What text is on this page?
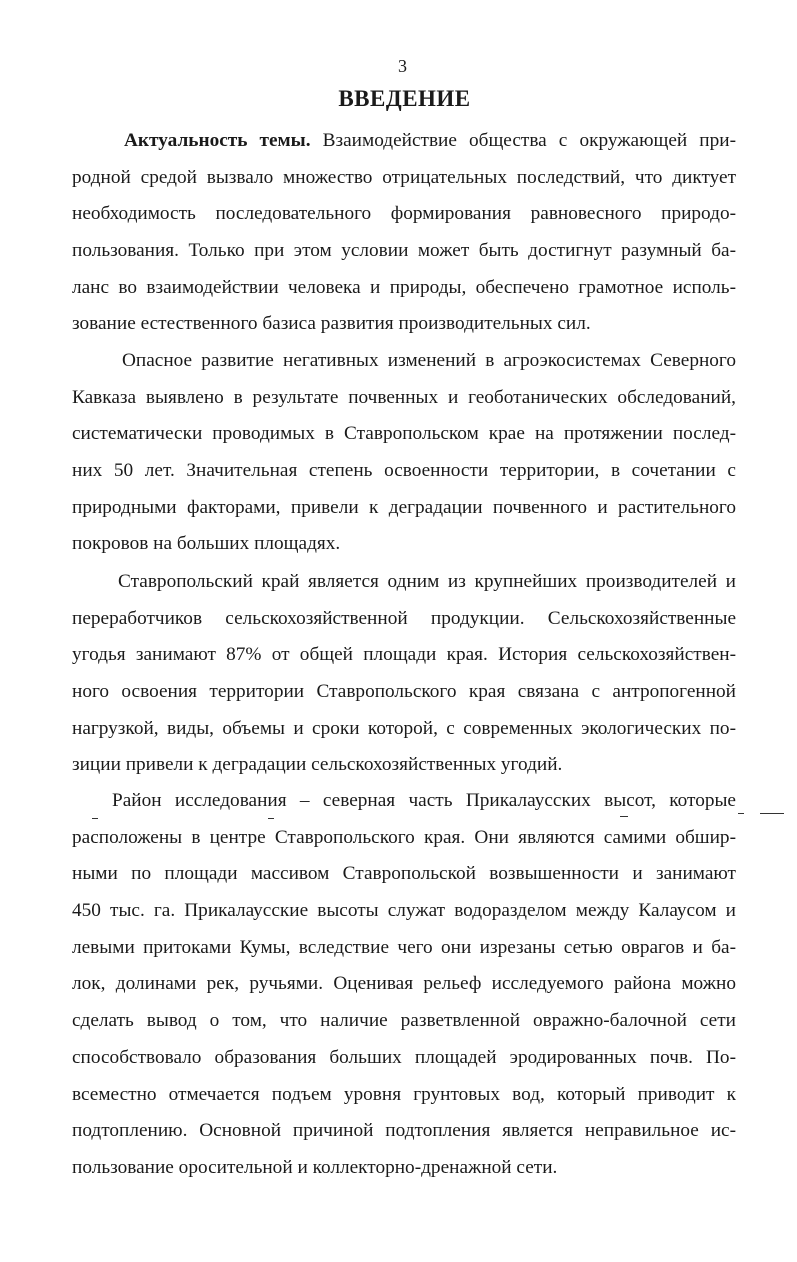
3
ВВЕДЕНИЕ
Актуальность темы. Взаимодействие общества с окружающей при-
родной средой вызвало множество отрицательных последствий, что диктует
необходимость последовательного формирования равновесного природо-
пользования. Только при этом условии может быть достигнут разумный ба-
ланс во взаимодействии человека и природы, обеспечено грамотное исполь-
зование естественного базиса развития производительных сил.
Опасное развитие негативных изменений в агроэкосистемах Северного
Кавказа выявлено в результате почвенных и геоботанических обследований,
систематически проводимых в Ставропольском крае на протяжении послед-
них 50 лет. Значительная степень освоенности территории, в сочетании с
природными факторами, привели к деградации почвенного и растительного
покровов на больших площадях.
Ставропольский край является одним из крупнейших производителей и
переработчиков сельскохозяйственной продукции. Сельскохозяйственные
угодья занимают 87% от общей площади края. История сельскохозяйствен-
ного освоения территории Ставропольского края связана с антропогенной
нагрузкой, виды, объемы и сроки которой, с современных экологических по-
зиции привели к деградации сельскохозяйственных угодий.
Район исследования – северная часть Прикалаусских высот, которые
расположены в центре Ставропольского края. Они являются самими обшир-
ными по площади массивом Ставропольской возвышенности и занимают
450 тыс. га. Прикалаусские высоты служат водоразделом между Калаусом и
левыми притоками Кумы, вследствие чего они изрезаны сетью оврагов и ба-
лок, долинами рек, ручьями. Оценивая рельеф исследуемого района можно
сделать вывод о том, что наличие разветвленной овражно-балочной сети
способствовало образования больших площадей эродированных почв. По-
всеместно отмечается подъем уровня грунтовых вод, который приводит к
подтоплению. Основной причиной подтопления является неправильное ис-
пользование оросительной и коллекторно-дренажной сети.
